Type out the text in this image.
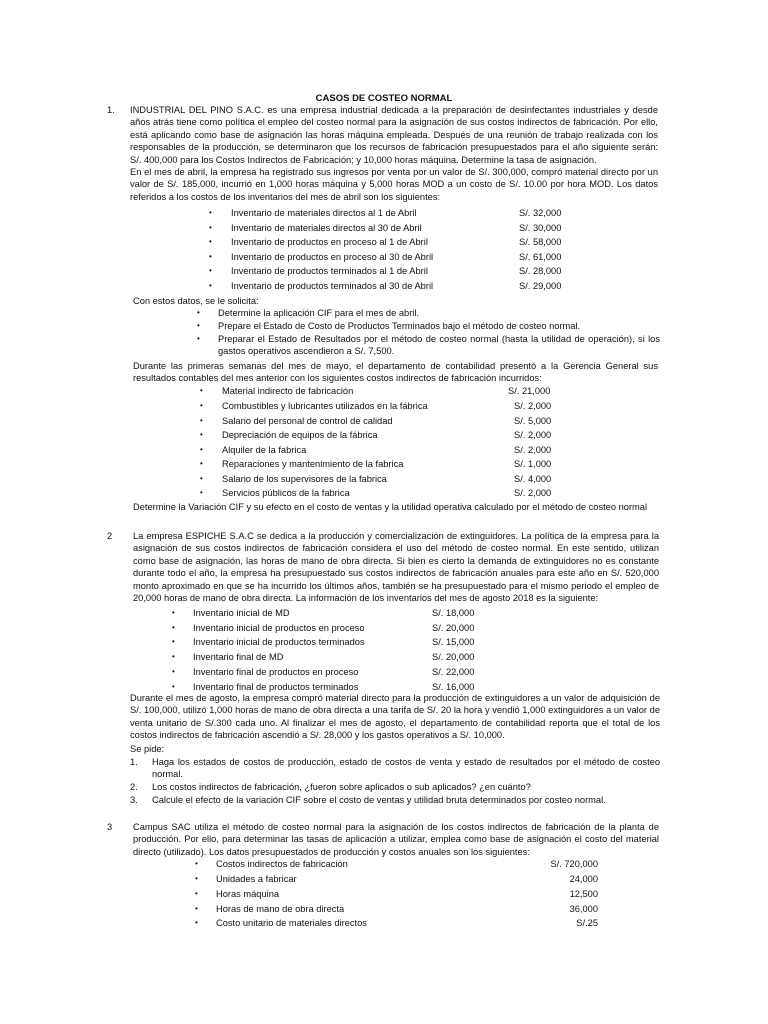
CASOS DE COSTEO NORMAL
1. INDUSTRIAL DEL PINO S.A.C. es una empresa industrial dedicada a la preparación de desinfectantes industriales y desde años atrás tiene como política el empleo del costeo normal para la asignación de sus costos indirectos de fabricación. Por ello, está aplicando como base de asignación las horas máquina empleada. Después de una reunión de trabajo realizada con los responsables de la producción, se determinaron que los recursos de fabricación presupuestados para el año siguiente serán: S/. 400,000 para los Costos Indirectos de Fabricación; y 10,000 horas máquina. Determine la tasa de asignación.
En el mes de abril, la empresa ha registrado sus ingresos por venta por un valor de S/. 300,000, compró material directo por un valor de S/. 185,000, incurrió en 1,000 horas máquina y 5,000 horas MOD a un costo de S/. 10.00 por hora MOD. Los datos referidos a los costos de los inventarios del mes de abril son los siguientes:
• Inventario de materiales directos al 1 de Abril	S/. 32,000
• Inventario de materiales directos al 30 de Abril	S/. 30,000
• Inventario de productos en proceso al 1 de Abril	S/. 58,000
• Inventario de productos en proceso al 30 de Abril	S/. 61,000
• Inventario de productos terminados al 1 de Abril	S/. 28,000
• Inventario de productos terminados al 30 de Abril	S/. 29,000
Con estos datos, se le solicita:
• Determine la aplicación CIF para el mes de abril.
• Prepare el Estado de Costo de Productos Terminados bajo el método de costeo normal.
• Preparar el Estado de Resultados por el método de costeo normal (hasta la utilidad de operación), si los gastos operativos ascendieron a S/. 7,500.
Durante las primeras semanas del mes de mayo, el departamento de contabilidad presentó a la Gerencia General sus resultados contables del mes anterior con los siguientes costos indirectos de fabricación incurridos:
• Material indirecto de fabricación	S/. 21,000
• Combustibles y lubricantes utilizados en la fábrica	S/. 2,000
• Salario del personal de control de calidad	S/. 5,000
• Depreciación de equipos de la fábrica	S/. 2,000
• Alquiler de la fabrica	S/. 2,000
• Reparaciones y mantenimiento de la fabrica	S/. 1,000
• Salario de los supervisores de la fabrica	S/. 4,000
• Servicios públicos de la fabrica	S/. 2,000
Determine la Variación CIF y su efecto en el costo de ventas y la utilidad operativa calculado por el método de costeo normal
2 La empresa ESPICHE S.A.C se dedica a la producción y comercialización de extinguidores. La política de la empresa para la asignación de sus costos indirectos de fabricación considera el uso del método de costeo normal. En este sentido, utilizan como base de asignación, las horas de mano de obra directa. Si bien es cierto la demanda de extinguidores no es constante durante todo el año, la empresa ha presupuestado sus costos indirectos de fabricación anuales para este año en S/. 520,000 monto aproximado en que se ha incurrido los últimos años, también se ha presupuestado para el mismo periodo el empleo de 20,000 horas de mano de obra directa. La información de los inventarios del mes de agosto 2018 es la siguiente:
• Inventario inicial de MD	S/. 18,000
• Inventario inicial de productos en proceso	S/. 20,000
• Inventario inicial de productos terminados	S/. 15,000
• Inventario final de MD	S/. 20,000
• Inventario final de productos en proceso	S/. 22,000
• Inventario final de productos terminados	S/. 16,000
Durante el mes de agosto, la empresa compró material directo para la producción de extinguidores a un valor de adquisición de S/. 100,000, utilizó 1,000 horas de mano de obra directa a una tarifa de S/. 20 la hora y vendió 1,000 extinguidores a un valor de venta unitario de S/.300 cada uno. Al finalizar el mes de agosto, el departamento de contabilidad reporta que el total de los costos indirectos de fabricación ascendió a S/. 28,000 y los gastos operativos a S/. 10,000.
Se pide:
1. Haga los estados de costos de producción, estado de costos de venta y estado de resultados por el método de costeo normal.
2. Los costos indirectos de fabricación, ¿fueron sobre aplicados o sub aplicados? ¿en cuánto?
3. Calcule el efecto de la variación CIF sobre el costo de ventas y utilidad bruta determinados por costeo normal.
3 Campus SAC utiliza el método de costeo normal para la asignación de los costos indirectos de fabricación de la planta de producción. Por ello, para determinar las tasas de aplicación a utilizar, emplea como base de asignación el costo del material directo (utilizado). Los datos presupuestados de producción y costos anuales son los siguientes:
• Costos indirectos de fabricación	S/. 720,000
• Unidades a fabricar	24,000
• Horas máquina	12,500
• Horas de mano de obra directa	36,000
• Costo unitario de materiales directos	S/.25
